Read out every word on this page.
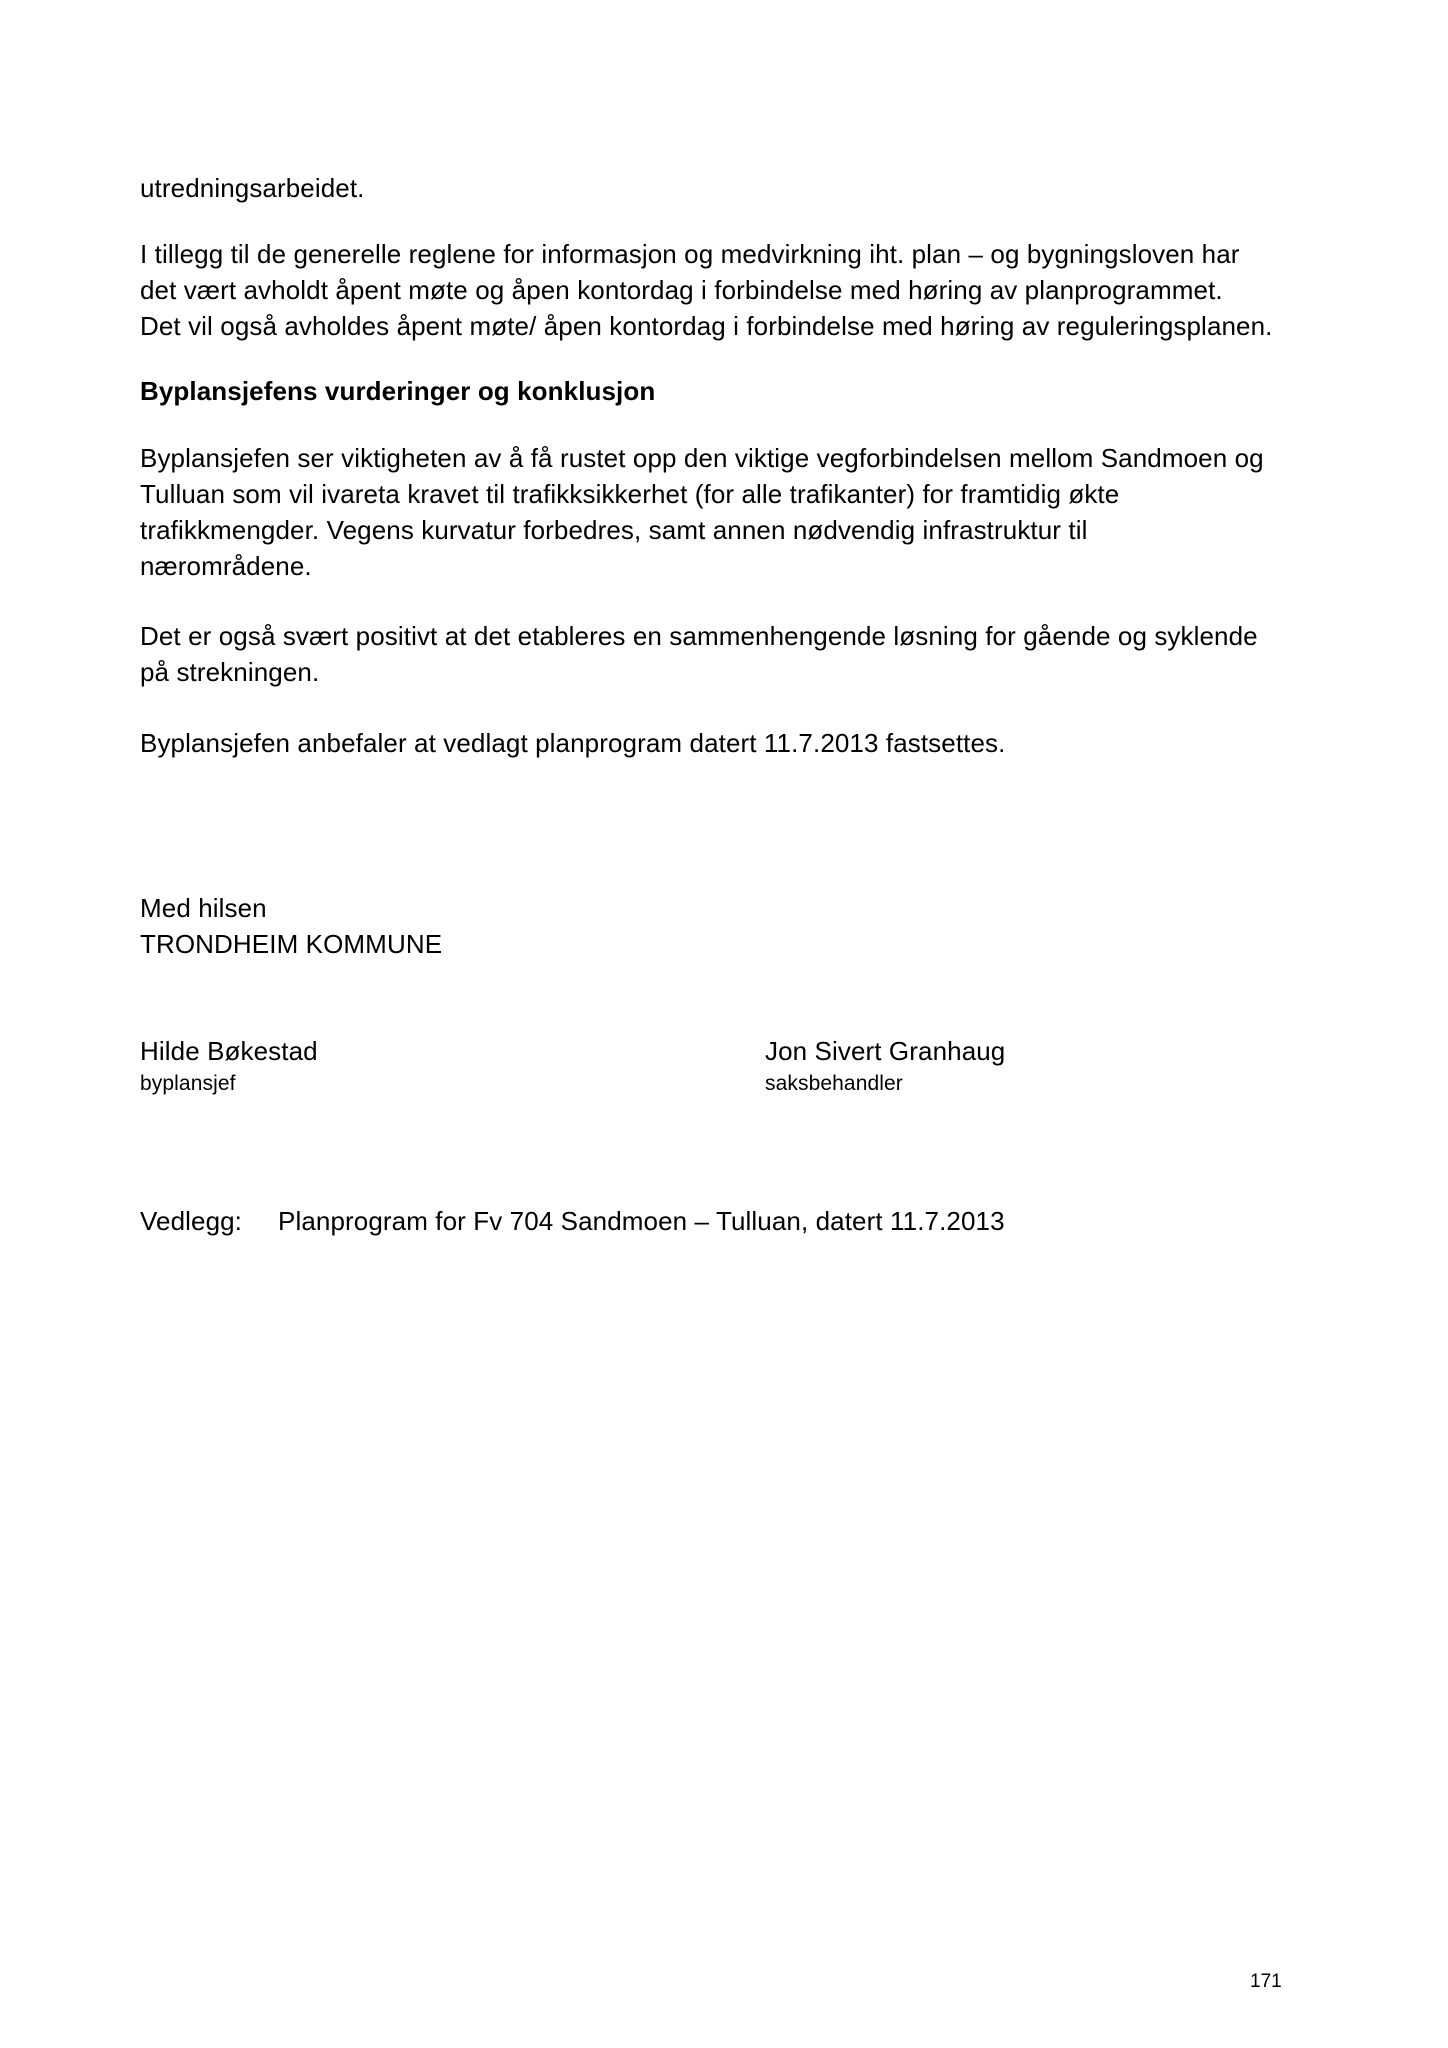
utredningsarbeidet.
I tillegg til de generelle reglene for informasjon og medvirkning iht. plan – og bygningsloven har
det vært avholdt åpent møte og åpen kontordag i forbindelse med høring av planprogrammet.
Det vil også avholdes åpent møte/ åpen kontordag i forbindelse med høring av reguleringsplanen.
Byplansjefens vurderinger og konklusjon
Byplansjefen ser viktigheten av å få rustet opp den viktige vegforbindelsen mellom Sandmoen og
Tulluan som vil ivareta kravet til trafikksikkerhet (for alle trafikanter) for framtidig økte
trafikkmengder. Vegens kurvatur forbedres, samt annen nødvendig infrastruktur til
nærområdene.
Det er også svært positivt at det etableres en sammenhengende løsning for gående og syklende
på strekningen.
Byplansjefen anbefaler at vedlagt planprogram datert 11.7.2013 fastsettes.
Med hilsen
TRONDHEIM KOMMUNE
Hilde Bøkestad
byplansjef
Jon Sivert Granhaug
saksbehandler
Vedlegg: Planprogram for Fv 704 Sandmoen – Tulluan, datert 11.7.2013
171
